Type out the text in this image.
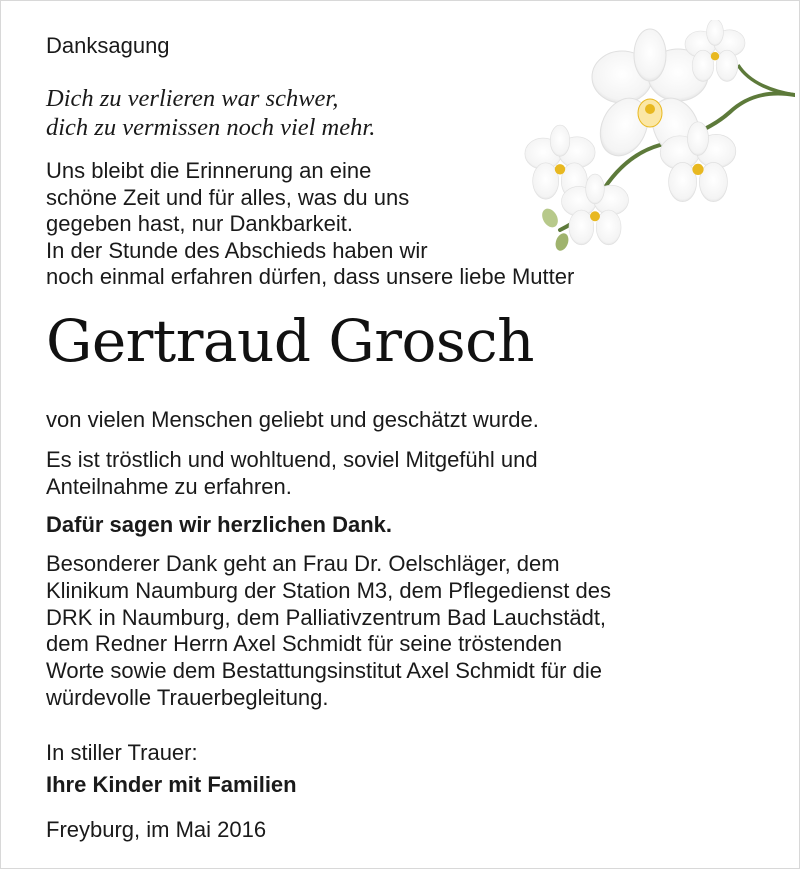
Danksagung

Dich zu verlieren war schwer,
dich zu vermissen noch viel mehr.

Uns bleibt die Erinnerung an eine
schöne Zeit und für alles, was du uns
gegeben hast, nur Dankbarkeit.
In der Stunde des Abschieds haben wir
noch einmal erfahren dürfen, dass unsere liebe Mutter

Gertraud Grosch

von vielen Menschen geliebt und geschätzt wurde.

Es ist tröstlich und wohltuend, soviel Mitgefühl und
Anteilnahme zu erfahren.

Dafür sagen wir herzlichen Dank.

Besonderer Dank geht an Frau Dr. Oelschläger, dem
Klinikum Naumburg der Station M3, dem Pflegedienst des
DRK in Naumburg, dem Palliativzentrum Bad Lauchstädt,
dem Redner Herrn Axel Schmidt für seine tröstenden
Worte sowie dem Bestattungsinstitut Axel Schmidt für die
würdevolle Trauerbegleitung.

In stiller Trauer:

Ihre Kinder mit Familien

Freyburg, im Mai 2016
